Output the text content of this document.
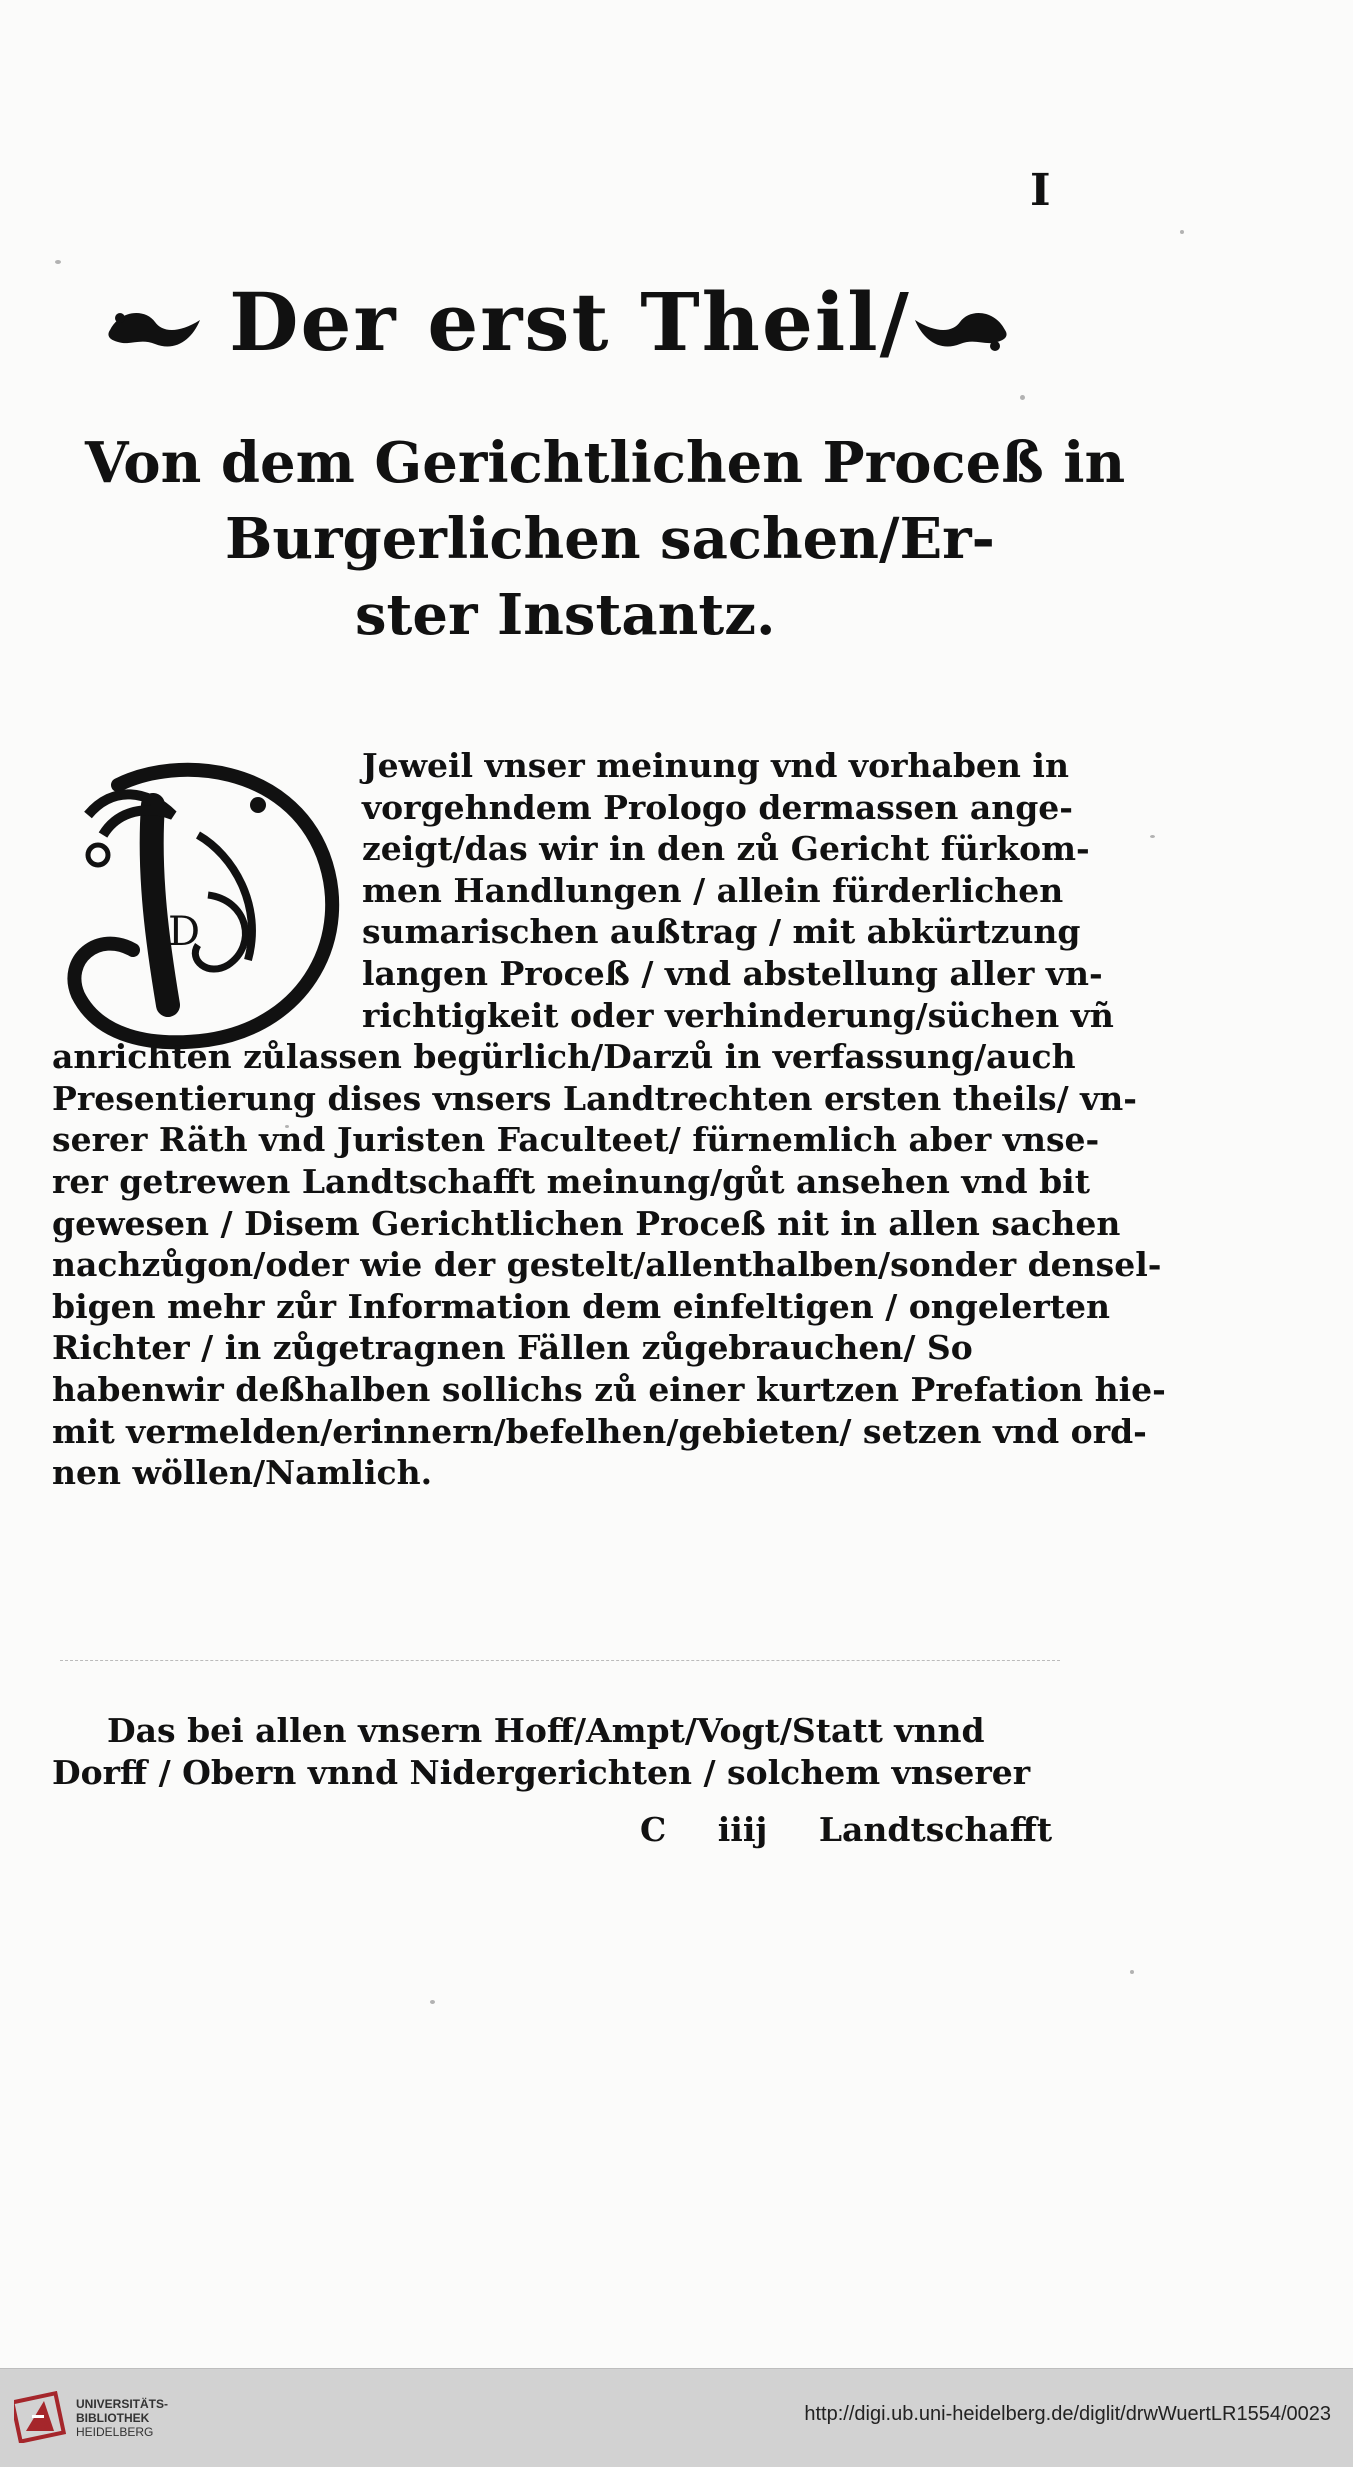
I
Der erst Theil/
Von dem Gerichtlichen Proceß in
Burgerlichen sachen/Er-
ster Instantz.
D
Jeweil vnser meinung vnd vorhaben in
vorgehndem Prologo dermassen ange-
zeigt/das wir in den zů Gericht fürkom-
men Handlungen / allein fürderlichen
sumarischen außtrag / mit abkürtzung
langen Proceß / vnd abstellung aller vn-
richtigkeit oder verhinderung/süchen vñ
anrichten zůlassen begürlich/Darzů in verfassung/auch
Presentierung dises vnsers Landtrechten ersten theils/ vn-
serer Räth vnd Juristen Faculteet/ fürnemlich aber vnse-
rer getrewen Landtschafft meinung/gůt ansehen vnd bit
gewesen / Disem Gerichtlichen Proceß nit in allen sachen
nachzůgon/oder wie der gestelt/allenthalben/sonder densel-
bigen mehr zůr Information dem einfeltigen / ongelerten
Richter / in zůgetragnen Fällen zůgebrauchen/ So
habenwir deßhalben sollichs zů einer kurtzen Prefation hie-
mit vermelden/erinnern/befelhen/gebieten/ setzen vnd ord-
nen wöllen/Namlich.
Das bei allen vnsern Hoff/Ampt/Vogt/Statt vnnd
Dorff / Obern vnnd Nidergerichten / solchem vnserer
C iiij Landtschafft
UNIVERSITÄTS-
BIBLIOTHEK
HEIDELBERG
http://digi.ub.uni-heidelberg.de/diglit/drwWuertLR1554/0023
